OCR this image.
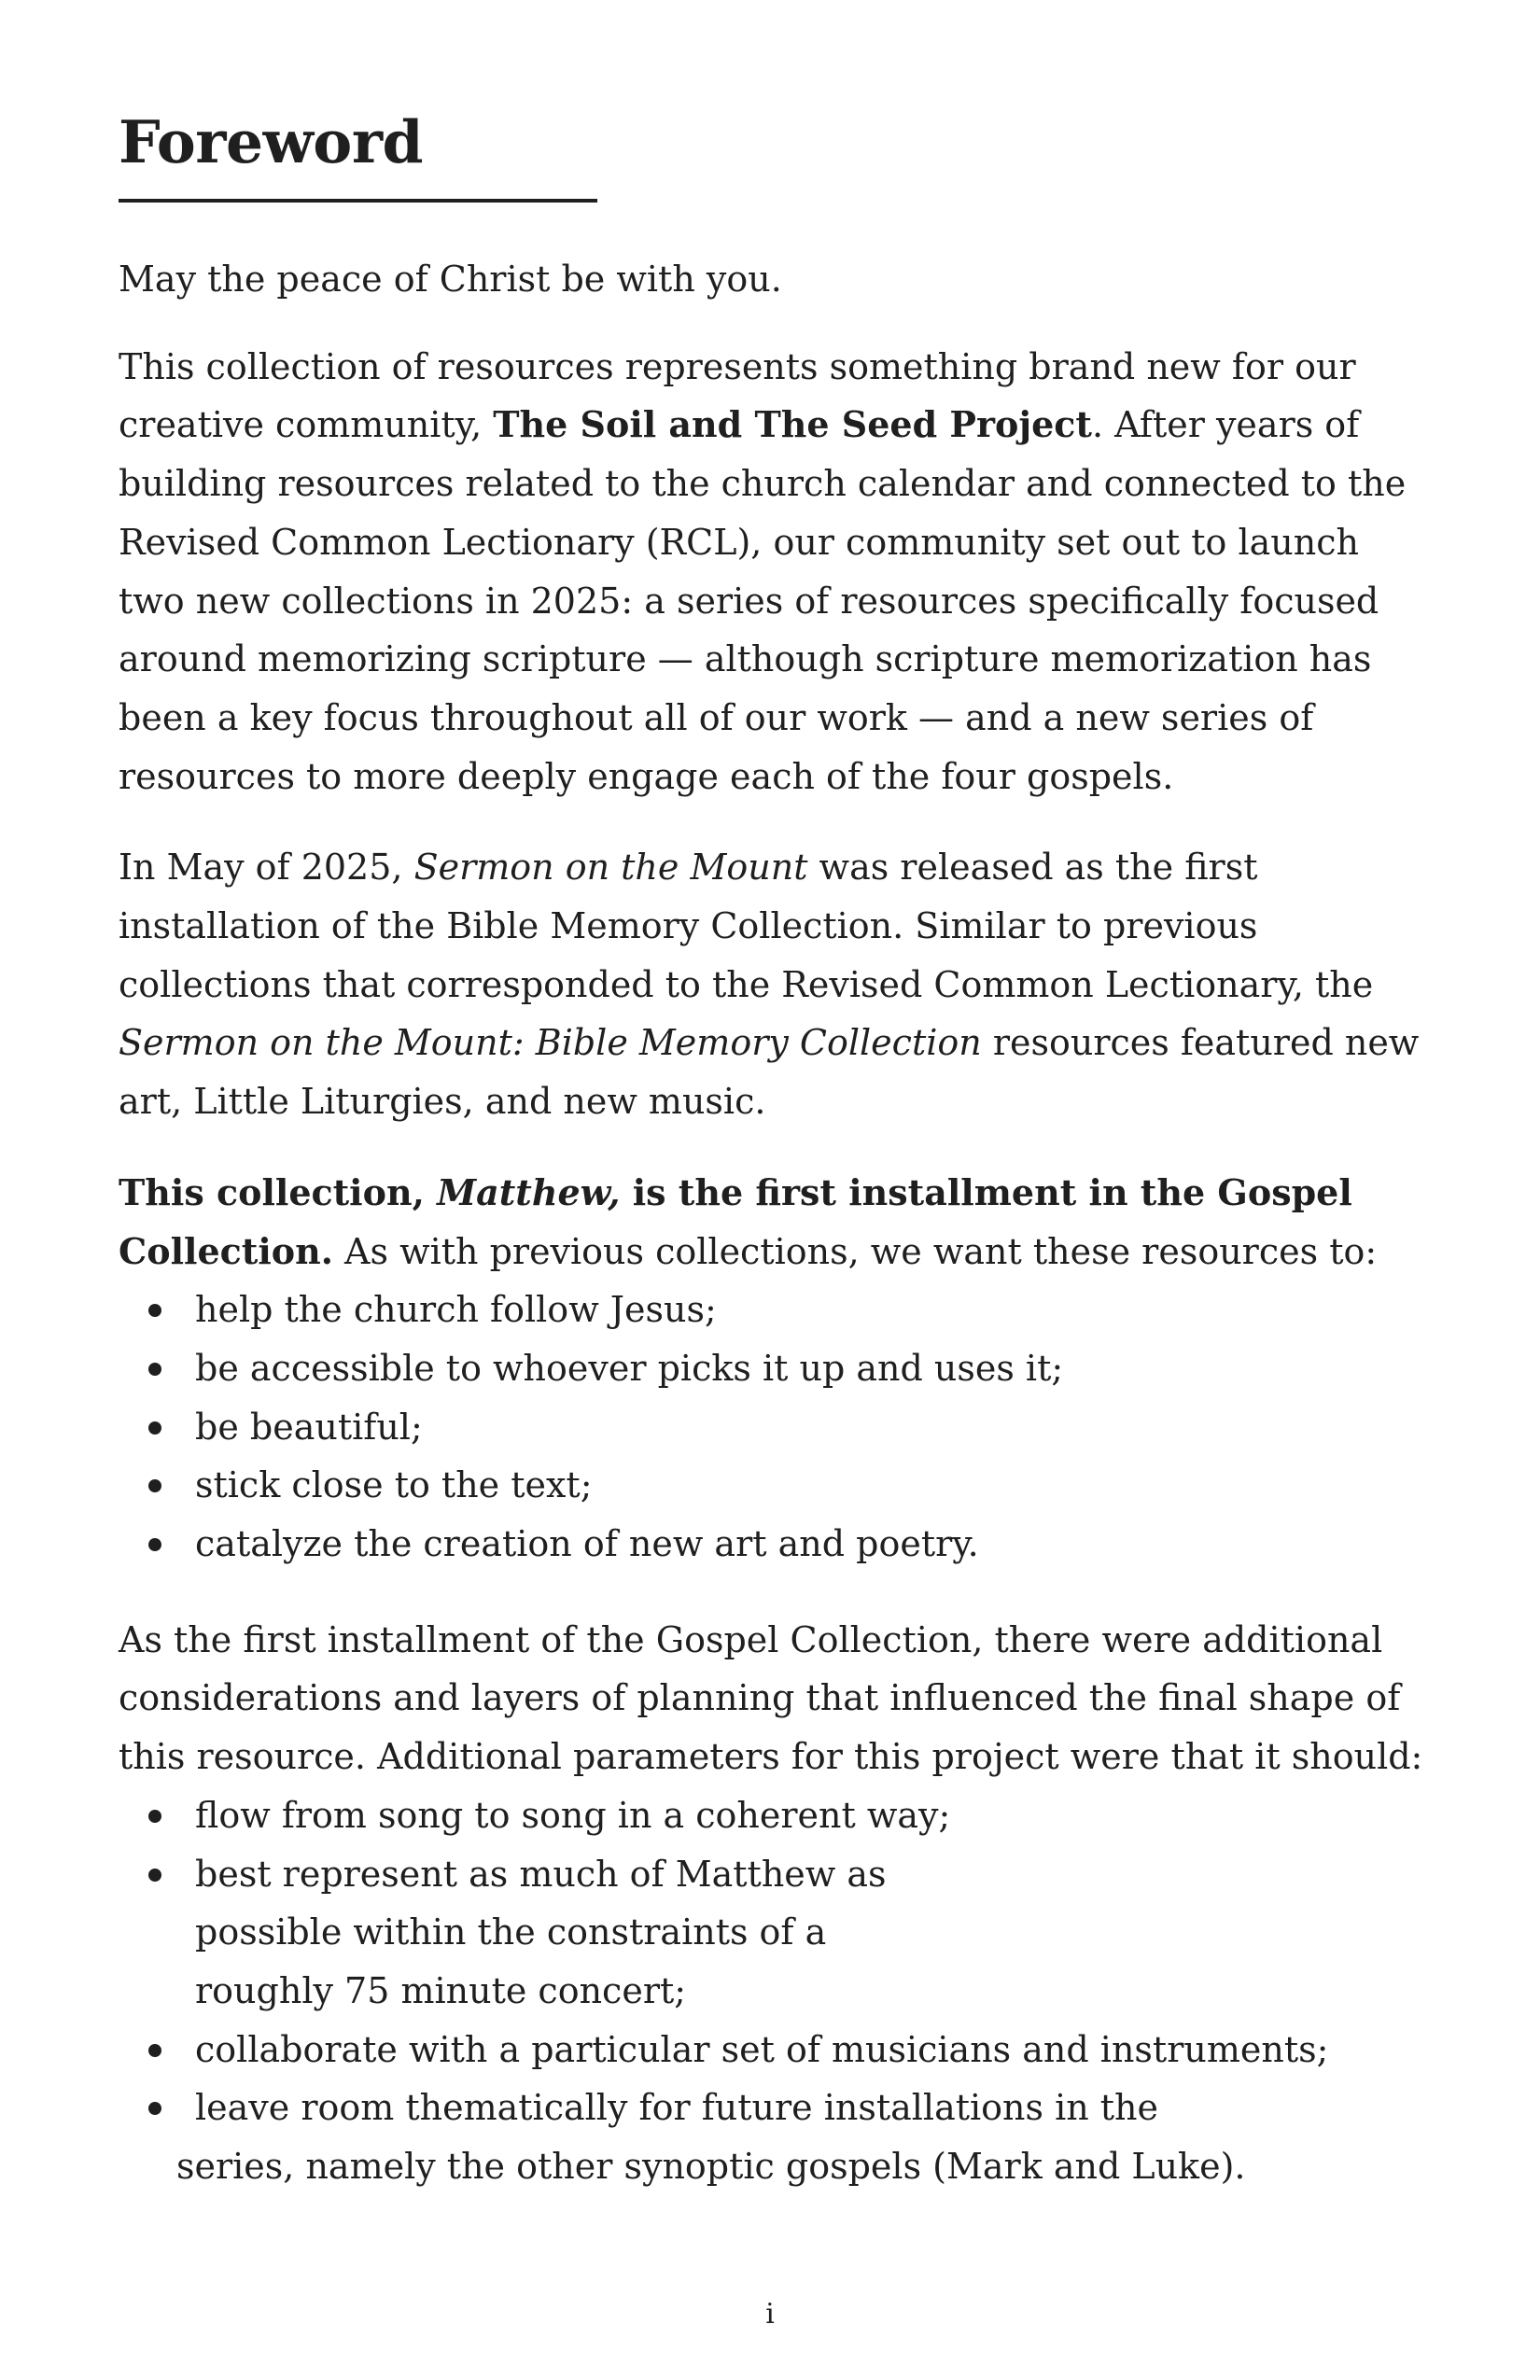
Foreword

May the peace of Christ be with you.

This collection of resources represents something brand new for our creative community, The Soil and The Seed Project. After years of building resources related to the church calendar and connected to the Revised Common Lectionary (RCL), our community set out to launch two new collections in 2025: a series of resources specifically focused around memorizing scripture — although scripture memorization has been a key focus throughout all of our work — and a new series of resources to more deeply engage each of the four gospels.

In May of 2025, Sermon on the Mount was released as the first installation of the Bible Memory Collection. Similar to previous collections that corresponded to the Revised Common Lectionary, the Sermon on the Mount: Bible Memory Collection resources featured new art, Little Liturgies, and new music.

This collection, Matthew, is the first installment in the Gospel Collection. As with previous collections, we want these resources to:

help the church follow Jesus;
be accessible to whoever picks it up and uses it;
be beautiful;
stick close to the text;
catalyze the creation of new art and poetry.

As the first installment of the Gospel Collection, there were additional considerations and layers of planning that influenced the final shape of this resource. Additional parameters for this project were that it should:

flow from song to song in a coherent way;
best represent as much of Matthew as possible within the constraints of a roughly 75 minute concert;
collaborate with a particular set of musicians and instruments;
leave room thematically for future installations in the
series, namely the other synoptic gospels (Mark and Luke).
i
